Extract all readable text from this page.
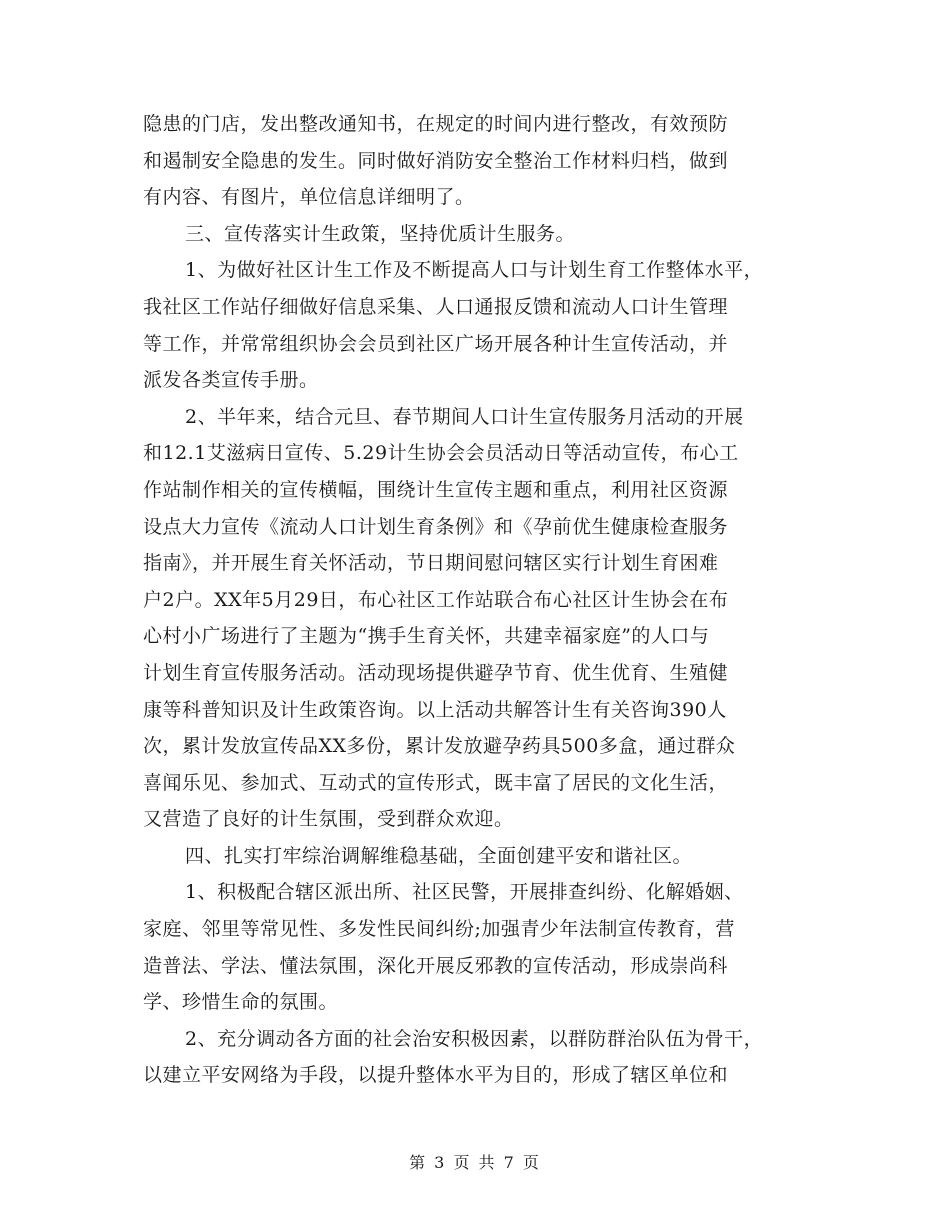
隐患的门店，发出整改通知书，在规定的时间内进行整改，有效预防
和遏制安全隐患的发生。同时做好消防安全整治工作材料归档，做到
有内容、有图片，单位信息详细明了。
三、宣传落实计生政策，坚持优质计生服务。
1、为做好社区计生工作及不断提高人口与计划生育工作整体水平，
我社区工作站仔细做好信息采集、人口通报反馈和流动人口计生管理
等工作，并常常组织协会会员到社区广场开展各种计生宣传活动，并
派发各类宣传手册。
2、半年来，结合元旦、春节期间人口计生宣传服务月活动的开展
和12.1艾滋病日宣传、5.29计生协会会员活动日等活动宣传，布心工
作站制作相关的宣传横幅，围绕计生宣传主题和重点，利用社区资源
设点大力宣传《流动人口计划生育条例》和《孕前优生健康检查服务
指南》，并开展生育关怀活动，节日期间慰问辖区实行计划生育困难
户2户。XX年5月29日，布心社区工作站联合布心社区计生协会在布
心村小广场进行了主题为“携手生育关怀，共建幸福家庭”的人口与
计划生育宣传服务活动。活动现场提供避孕节育、优生优育、生殖健
康等科普知识及计生政策咨询。以上活动共解答计生有关咨询390人
次，累计发放宣传品XX多份，累计发放避孕药具500多盒，通过群众
喜闻乐见、参加式、互动式的宣传形式，既丰富了居民的文化生活，
又营造了良好的计生氛围，受到群众欢迎。
四、扎实打牢综治调解维稳基础，全面创建平安和谐社区。
1、积极配合辖区派出所、社区民警，开展排查纠纷、化解婚姻、
家庭、邻里等常见性、多发性民间纠纷;加强青少年法制宣传教育，营
造普法、学法、懂法氛围，深化开展反邪教的宣传活动，形成崇尚科
学、珍惜生命的氛围。
2、充分调动各方面的社会治安积极因素，以群防群治队伍为骨干，
以建立平安网络为手段，以提升整体水平为目的，形成了辖区单位和
第 3 页 共 7 页
